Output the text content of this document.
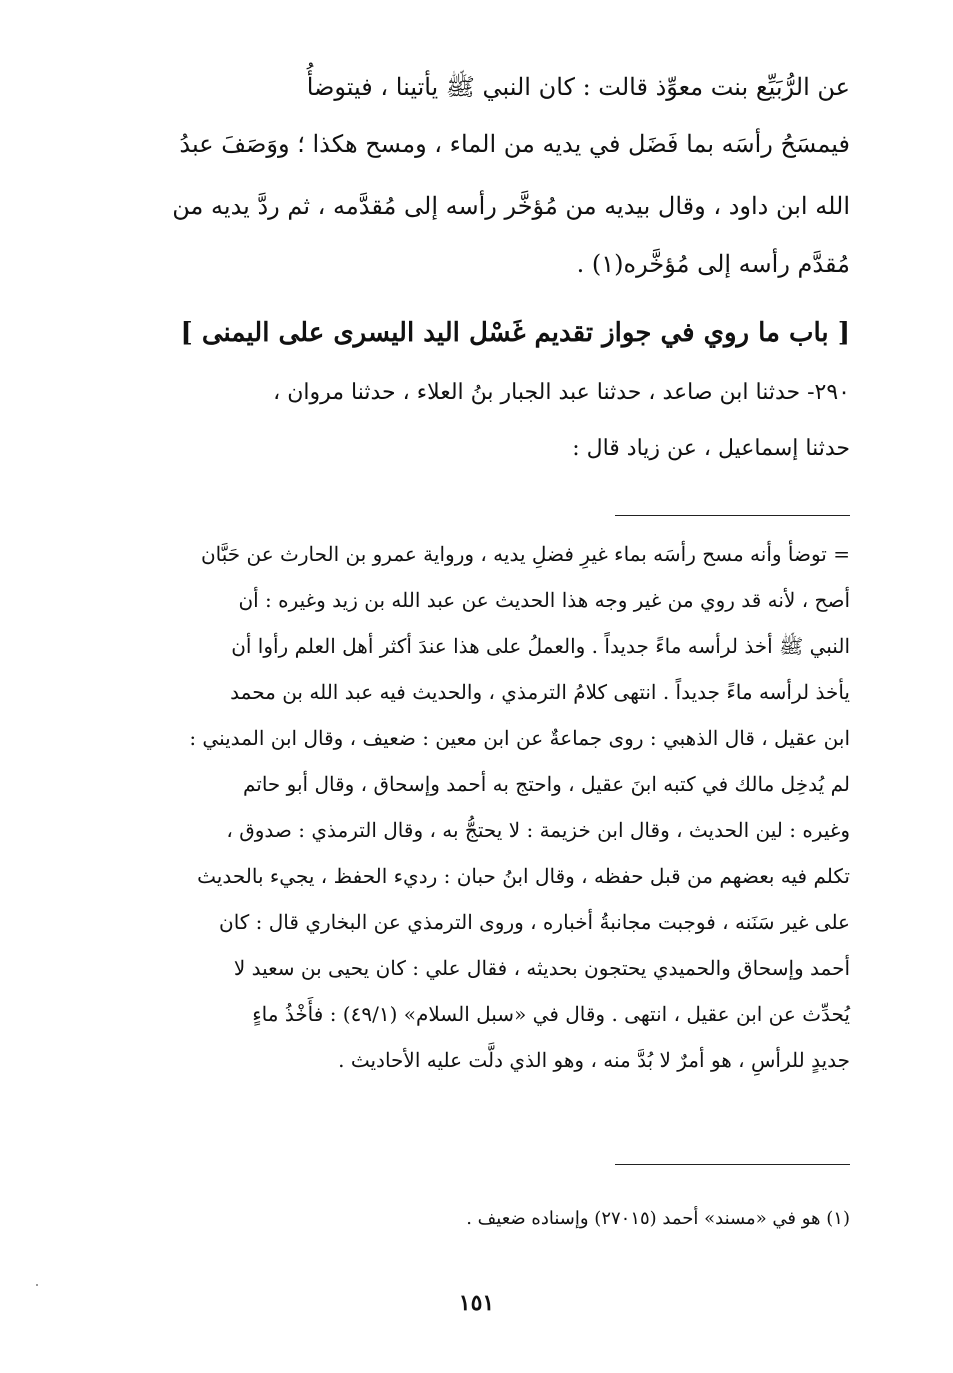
عن الرُّبَيِّع بنت معوِّذ قالت : كان النبي ﷺ يأتينا ، فيتوضأُ
فيمسَحُ رأسَه بما فَضَل في يديه من الماء ، ومسح هكذا ؛ ووَصَفَ عبدُ
الله ابن داود ، وقال بيديه من مُؤخَّر رأسه إلى مُقدَّمه ، ثم ردَّ يديه من
مُقدَّم رأسه إلى مُؤخَّره(١) .
[ باب ما روي في جواز تقديم غَسْل اليد اليسرى على اليمنى ]
٢٩٠- حدثنا ابن صاعد ، حدثنا عبد الجبار بنُ العلاء ، حدثنا مروان ،
حدثنا إسماعيل ، عن زياد قال :
= توضأ وأنه مسح رأسَه بماء غيرِ فضلِ يديه ، ورواية عمرو بن الحارث عن حَبَّان
أصح ، لأنه قد روي من غير وجه هذا الحديث عن عبد الله بن زيد وغيره : أن
النبي ﷺ أخذ لرأسه ماءً جديداً . والعملُ على هذا عندَ أكثر أهل العلم رأوا أن
يأخذ لرأسه ماءً جديداً . انتهى كلامُ الترمذي ، والحديث فيه عبد الله بن محمد
ابن عقيل ، قال الذهبي : روى جماعةٌ عن ابن معين : ضعيف ، وقال ابن المديني :
لم يُدخِل مالك في كتبه ابنَ عقيل ، واحتج به أحمد وإسحاق ، وقال أبو حاتم
وغيره : لين الحديث ، وقال ابن خزيمة : لا يحتجُّ به ، وقال الترمذي : صدوق ،
تكلم فيه بعضهم من قبل حفظه ، وقال ابنُ حبان : رديء الحفظ ، يجيء بالحديث
على غير سَنَنه ، فوجبت مجانبةُ أخباره ، وروى الترمذي عن البخاري قال : كان
أحمد وإسحاق والحميدي يحتجون بحديثه ، فقال علي : كان يحيى بن سعيد لا
يُحدِّث عن ابن عقيل ، انتهى . وقال في «سبل السلام» (٤٩/١) : فأَخْذُ ماءٍ
جديدٍ للرأسِ ، هو أمرٌ لا بُدَّ منه ، وهو الذي دلَّت عليه الأحاديث .
(١) هو في «مسند» أحمد (٢٧٠١٥) وإسناده ضعيف .
١٥١
